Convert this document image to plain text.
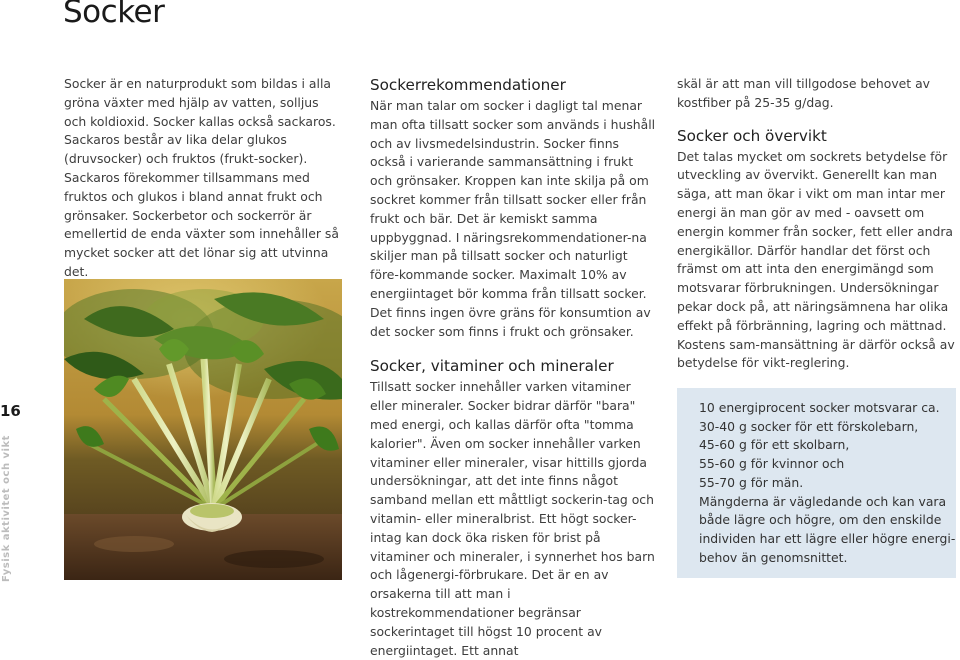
Socker
16
Fysisk aktivitet och vikt

Socker är en naturprodukt som bildas i alla gröna växter med hjälp av vatten, solljus och koldioxid. Socker kallas också sackaros. Sackaros består av lika delar glukos (druvsocker) och fruktos (frukt-socker). Sackaros förekommer tillsammans med fruktos och glukos i bland annat frukt och grönsaker. Sockerbetor och sockerrör är emellertid de enda växter som innehåller så mycket socker att det lönar sig att utvinna det.

Sockerrekommendationer

När man talar om socker i dagligt tal menar man ofta tillsatt socker som används i hushåll och av livsmedelsindustrin. Socker finns också i varierande sammansättning i frukt och grönsaker. Kroppen kan inte skilja på om sockret kommer från tillsatt socker eller från frukt och bär. Det är kemiskt samma uppbyggnad. I näringsrekommendationer-na skiljer man på tillsatt socker och naturligt före-kommande socker. Maximalt 10% av energiintaget bör komma från tillsatt socker. Det finns ingen övre gräns för konsumtion av det socker som finns i frukt och grönsaker.

Socker, vitaminer och mineraler

Tillsatt socker innehåller varken vitaminer eller mineraler. Socker bidrar därför "bara" med energi, och kallas därför ofta "tomma kalorier". Även om socker innehåller varken vitaminer eller mineraler, visar hittills gjorda undersökningar, att det inte finns något samband mellan ett måttligt sockerin-tag och vitamin- eller mineralbrist. Ett högt socker-intag kan dock öka risken för brist på vitaminer och mineraler, i synnerhet hos barn och lågenergi-förbrukare. Det är en av orsakerna till att man i kostrekommendationer begränsar sockerintaget till högst 10 procent av energiintaget. Ett annat

skäl är att man vill tillgodose behovet av kostfiber på 25-35 g/dag.

Socker och övervikt

Det talas mycket om sockrets betydelse för utveckling av övervikt. Generellt kan man säga, att man ökar i vikt om man intar mer energi än man gör av med - oavsett om energin kommer från socker, fett eller andra energikällor. Därför handlar det först och främst om att inta den energimängd som motsvarar förbrukningen. Undersökningar pekar dock på, att näringsämnena har olika effekt på förbränning, lagring och mättnad. Kostens sam-mansättning är därför också av betydelse för vikt-reglering.

10 energiprocent socker motsvarar ca.
30-40 g socker för ett förskolebarn,
45-60 g för ett skolbarn,
55-60 g för kvinnor och
55-70 g för män.
Mängderna är vägledande och kan vara
både lägre och högre, om den enskilde
individen har ett lägre eller högre energi-
behov än genomsnittet.
